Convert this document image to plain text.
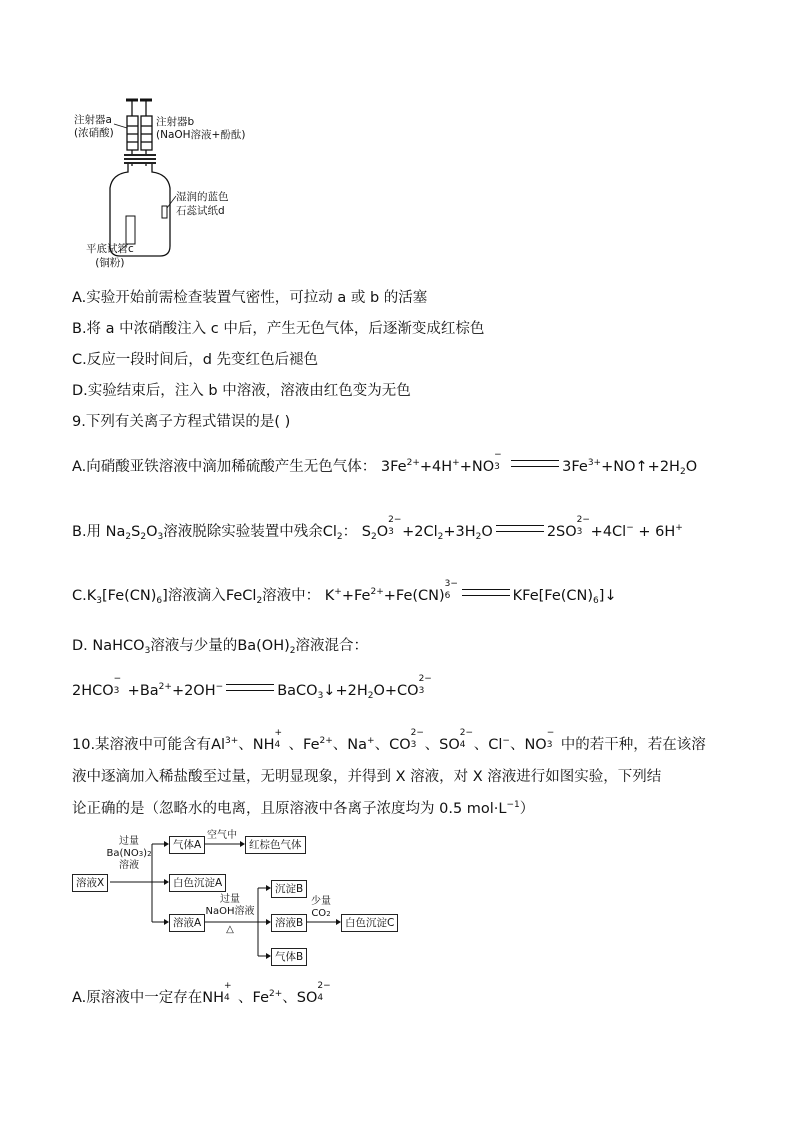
注射器a
(浓硝酸)
注射器b
(NaOH溶液+酚酞)
湿润的蓝色
石蕊试纸d
平底试管c
(铜粉)
A.实验开始前需检查装置气密性，可拉动 a 或 b 的活塞
B.将 a 中浓硝酸注入 c 中后，产生无色气体，后逐渐变成红棕色
C.反应一段时间后，d 先变红色后褪色
D.实验结束后，注入 b 中溶液，溶液由红色变为无色
9.下列有关离子方程式错误的是( )
A.向硝酸亚铁溶液中滴加稀硫酸产生无色气体： $3Fe^{2+}+4H^++NO$
−
3	$3Fe^{3+}+NO↑+2H_2O$
B.用 $Na_2S_2O_3$溶液脱除实验装置中残余$Cl_2$： $S_2O$
2−
$3 +2Cl_2+3H_2O$	2SO
2−
3 +4Cl− + 6H+
$C.K_3[Fe(CN)_6]$溶液滴入FeCl$_2$溶液中： $K^++Fe^{2+}+Fe(CN)$
3−
6	$KFe[Fe(CN)_6]↓$
D. NaHCO$_3$溶液与少量的$Ba(OH)_2$溶液混合：
2HCO
−
$3 +Ba^{2+}+2OH^-$	$BaCO_3↓+2H_2O+CO$
2−
3
10.某溶液中可能含有$Al^{3+}$、NH
+
4 、$Fe^{2+}$、Na+、CO
2−
3 、SO
2−
4 、Cl−、NO
−
3 中的若干种，若在该溶
液中逐滴加入稀盐酸至过量，无明显现象，并得到 X 溶液，对 X 溶液进行如图实验，下列结
论正确的是（忽略水的电离，且原溶液中各离子浓度均为 0.5 $mol\cdot L^{-1}$）
溶液X
过量
Ba(NO3)2
溶液
气体A
空气中
红棕色气体
白色沉淀A
溶液A
过量
NaOH溶液
△
沉淀B
溶液B
气体B
少量
CO2
白色沉淀C
A.原溶液中一定存在NH
+
4 、$Fe^{2+}$、SO
2−
4
